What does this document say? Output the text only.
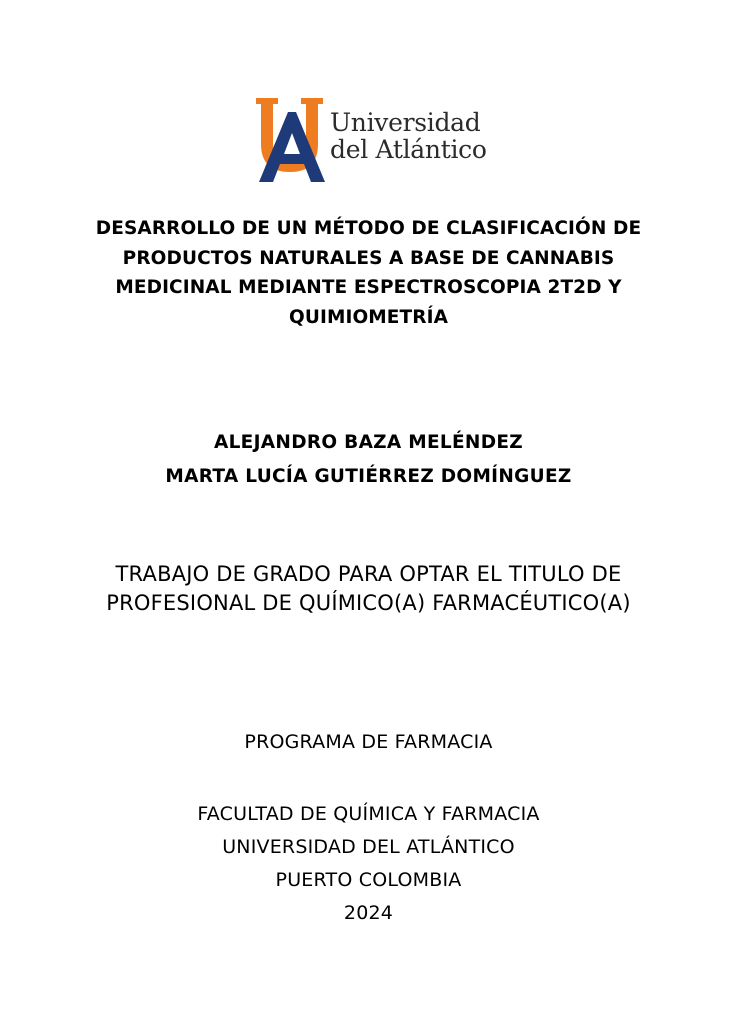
Universidad
del Atlántico
DESARROLLO DE UN MÉTODO DE CLASIFICACIÓN DE PRODUCTOS NATURALES A BASE DE CANNABIS MEDICINAL MEDIANTE ESPECTROSCOPIA 2T2D Y QUIMIOMETRÍA
ALEJANDRO BAZA MELÉNDEZ
MARTA LUCÍA GUTIÉRREZ DOMÍNGUEZ
TRABAJO DE GRADO PARA OPTAR EL TITULO DE PROFESIONAL DE QUÍMICO(A) FARMACÉUTICO(A)
PROGRAMA DE FARMACIA
FACULTAD DE QUÍMICA Y FARMACIA
UNIVERSIDAD DEL ATLÁNTICO
PUERTO COLOMBIA
2024
